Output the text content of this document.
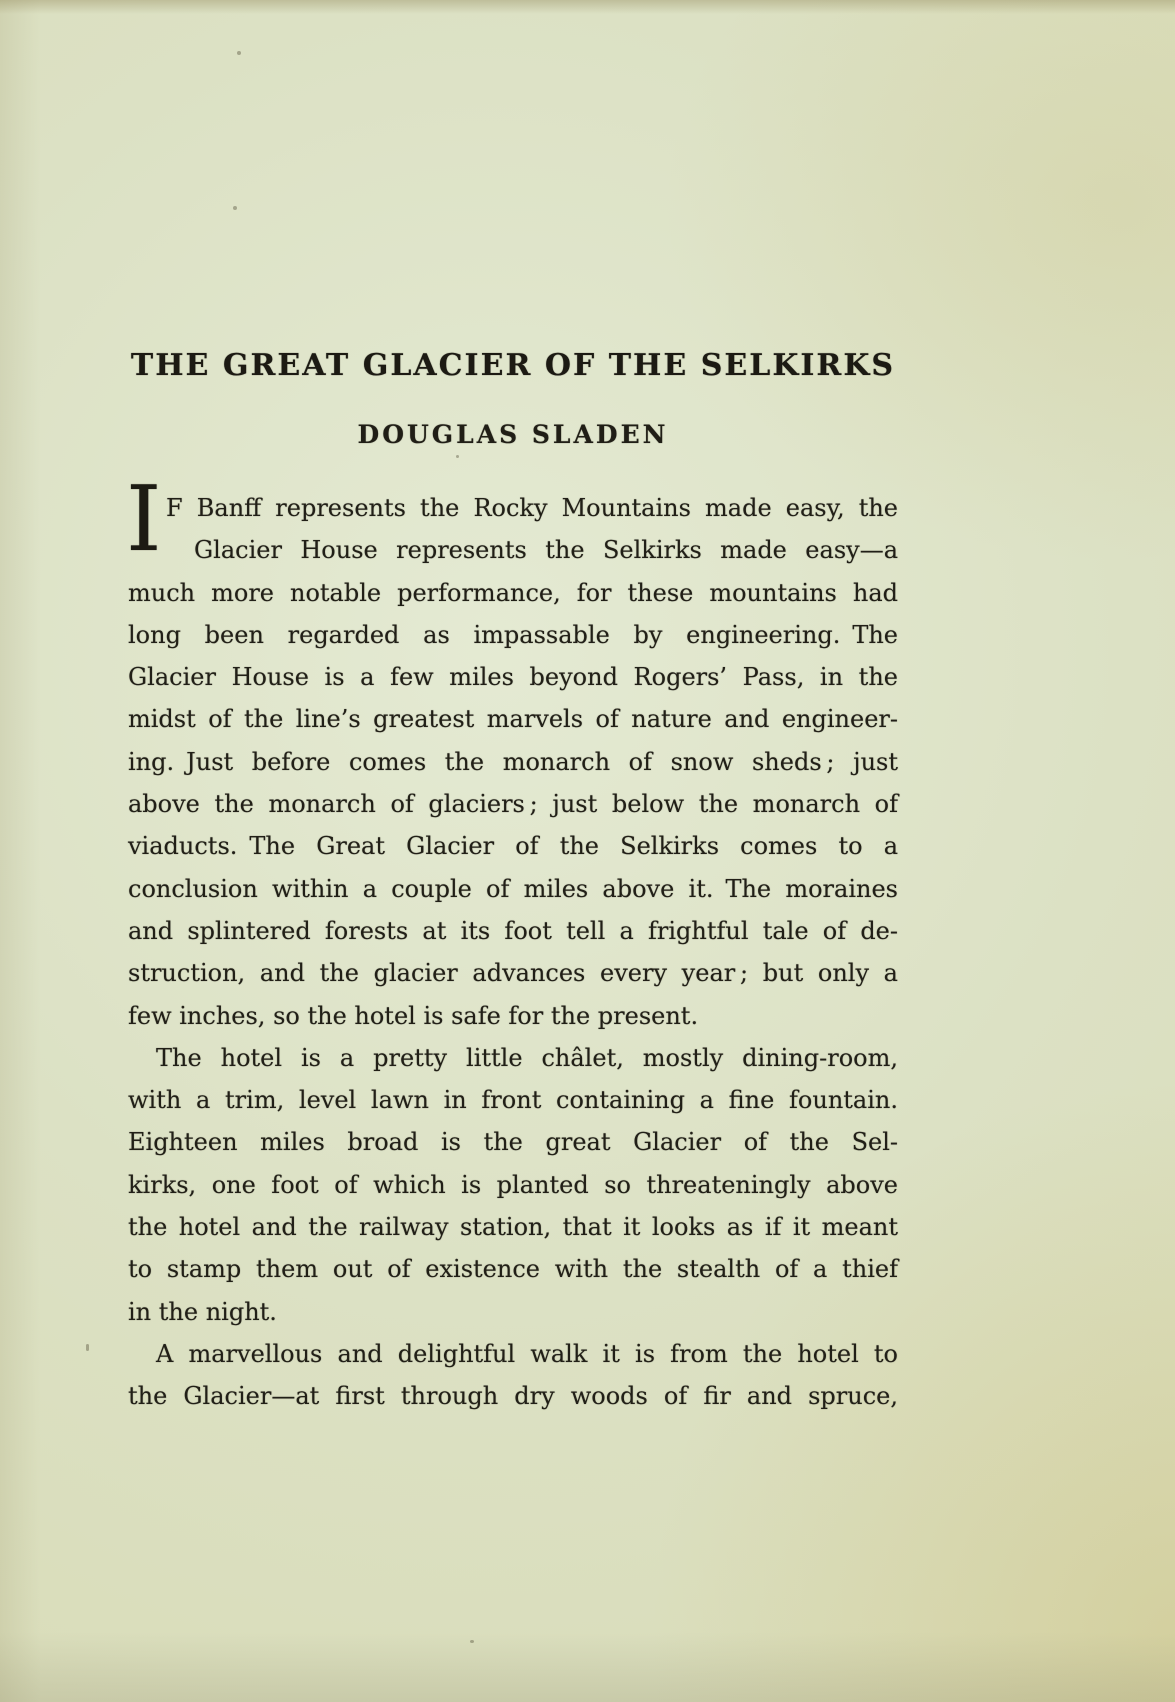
THE GREAT GLACIER OF THE SELKIRKS
DOUGLAS SLADEN
I F Banff represents the Rocky Mountains made easy, the
Glacier House represents the Selkirks made easy—a
much more notable performance, for these mountains had
long been regarded as impassable by engineering. The
Glacier House is a few miles beyond Rogers’ Pass, in the
midst of the line’s greatest marvels of nature and engineer-
ing. Just before comes the monarch of snow sheds ; just
above the monarch of glaciers ; just below the monarch of
viaducts. The Great Glacier of the Selkirks comes to a
conclusion within a couple of miles above it. The moraines
and splintered forests at its foot tell a frightful tale of de-
struction, and the glacier advances every year ; but only a
few inches, so the hotel is safe for the present.
The hotel is a pretty little châlet, mostly dining-room,
with a trim, level lawn in front containing a fine fountain.
Eighteen miles broad is the great Glacier of the Sel-
kirks, one foot of which is planted so threateningly above
the hotel and the railway station, that it looks as if it meant
to stamp them out of existence with the stealth of a thief
in the night.
A marvellous and delightful walk it is from the hotel to
the Glacier—at first through dry woods of fir and spruce,
